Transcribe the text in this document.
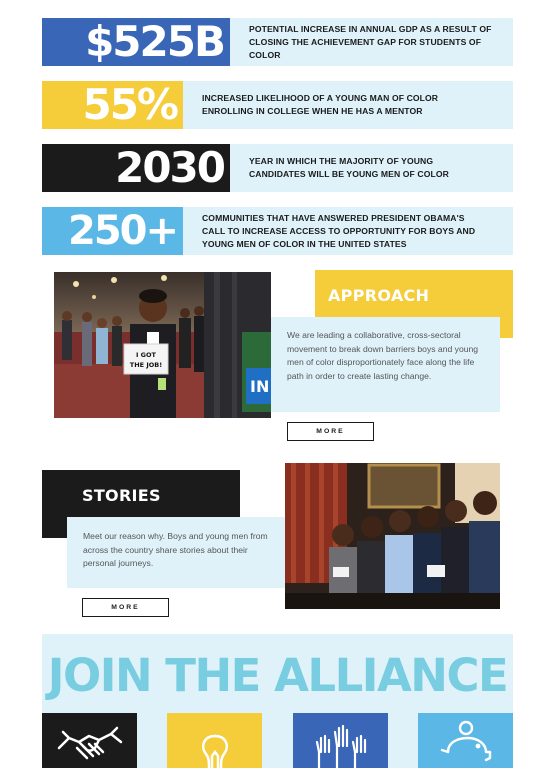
$525B	POTENTIAL INCREASE IN ANNUAL GDP AS A RESULT OF CLOSING THE ACHIEVEMENT GAP FOR STUDENTS OF COLOR
55%	INCREASED LIKELIHOOD OF A YOUNG MAN OF COLOR ENROLLING IN COLLEGE WHEN HE HAS A MENTOR
2030	YEAR IN WHICH THE MAJORITY OF YOUNG CANDIDATES WILL BE YOUNG MEN OF COLOR
250+	COMMUNITIES THAT HAVE ANSWERED PRESIDENT OBAMA'S CALL TO INCREASE ACCESS TO OPPORTUNITY FOR BOYS AND YOUNG MEN OF COLOR IN THE UNITED STATES
IN
I GOT
THE JOB!
APPROACH
We are leading a collaborative, cross-sectoral movement to break down barriers boys and young men of color disproportionately face along the life path in order to create lasting change.
MORE
STORIES
Meet our reason why. Boys and young men from across the country share stories about their personal journeys.
MORE
JOIN THE ALLIANCE
